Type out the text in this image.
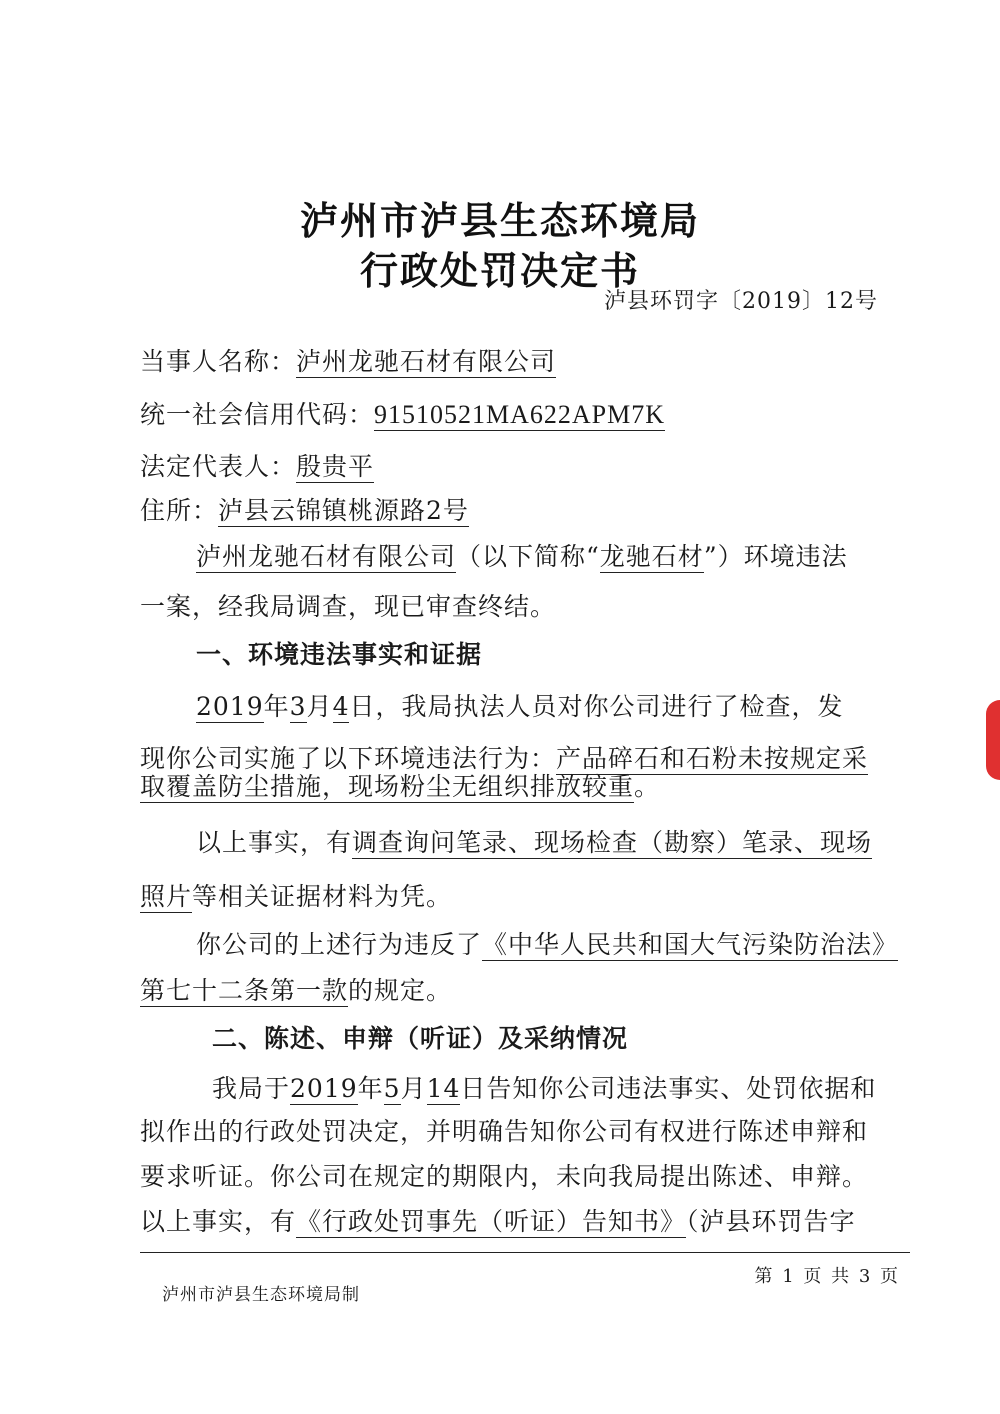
泸州市泸县生态环境局
行政处罚决定书
泸县环罚字〔2019〕12号
当事人名称：泸州龙驰石材有限公司
统一社会信用代码：91510521MA622APM7K
法定代表人：殷贵平
住所：泸县云锦镇桃源路2号
泸州龙驰石材有限公司（以下简称“龙驰石材”）环境违法
一案，经我局调查，现已审查终结。
一、环境违法事实和证据
2019年3月4日，我局执法人员对你公司进行了检查，发
现你公司实施了以下环境违法行为：产品碎石和石粉未按规定采
取覆盖防尘措施，现场粉尘无组织排放较重。
以上事实，有调查询问笔录、现场检查（勘察）笔录、现场
照片等相关证据材料为凭。
你公司的上述行为违反了《中华人民共和国大气污染防治法》
第七十二条第一款的规定。
二、陈述、申辩（听证）及采纳情况
我局于2019年5月14日告知你公司违法事实、处罚依据和
拟作出的行政处罚决定，并明确告知你公司有权进行陈述申辩和
要求听证。你公司在规定的期限内，未向我局提出陈述、申辩。
以上事实，有《行政处罚事先（听证）告知书》（泸县环罚告字
第 1 页 共 3 页
泸州市泸县生态环境局制
